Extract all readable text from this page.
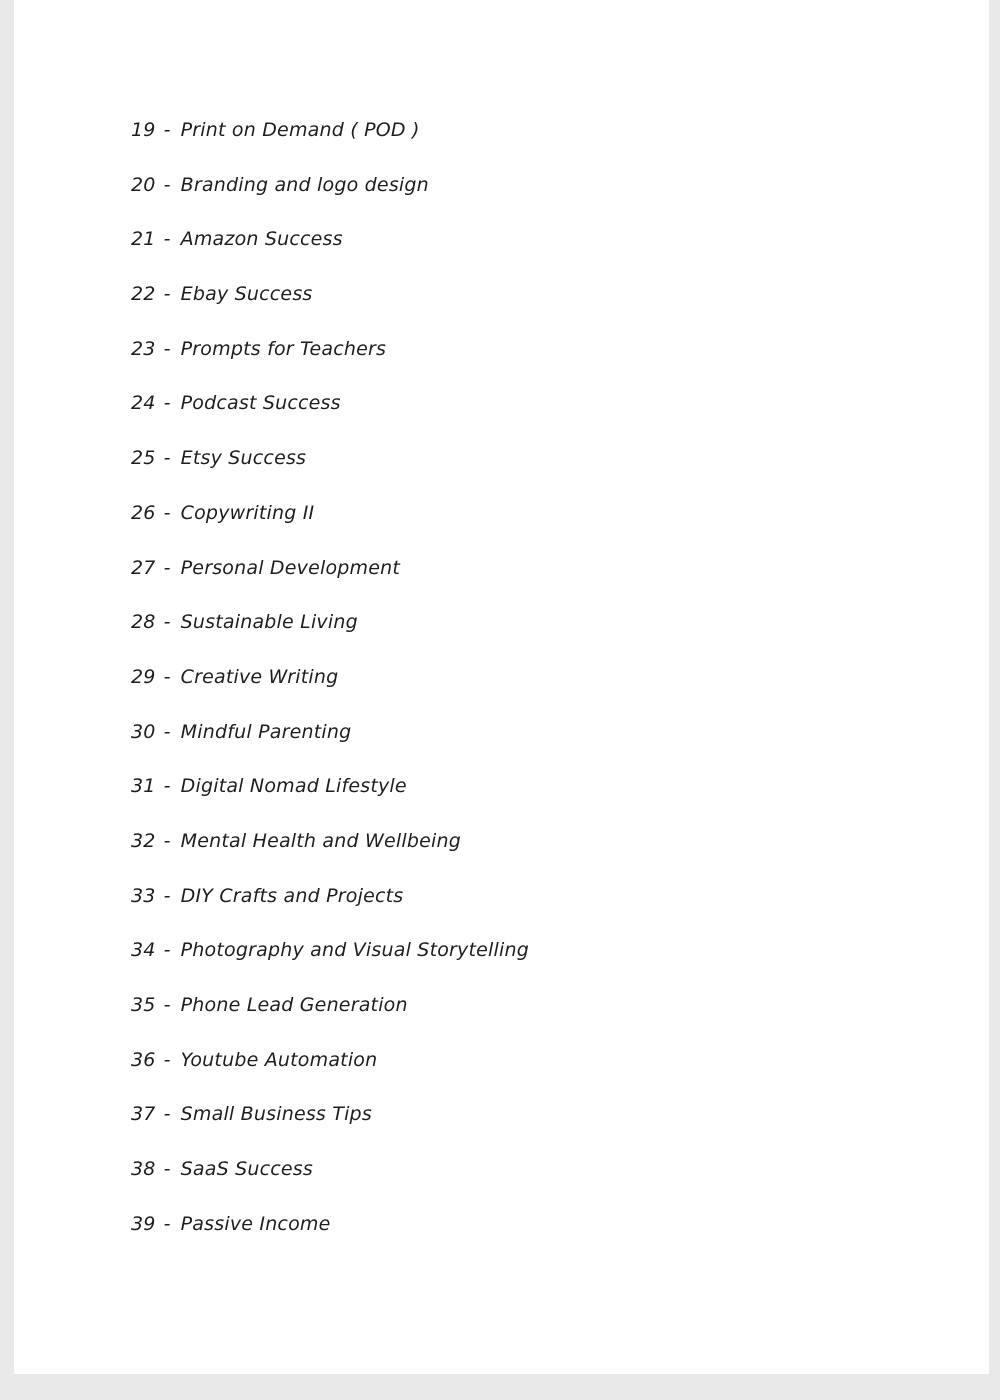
19 - Print on Demand ( POD )
20 - Branding and logo design
21 - Amazon Success
22 - Ebay Success
23 - Prompts for Teachers
24 - Podcast Success
25 - Etsy Success
26 - Copywriting II
27 - Personal Development
28 - Sustainable Living
29 - Creative Writing
30 - Mindful Parenting
31 - Digital Nomad Lifestyle
32 - Mental Health and Wellbeing
33 - DIY Crafts and Projects
34 - Photography and Visual Storytelling
35 - Phone Lead Generation
36 - Youtube Automation
37 - Small Business Tips
38 - SaaS Success
39 - Passive Income
